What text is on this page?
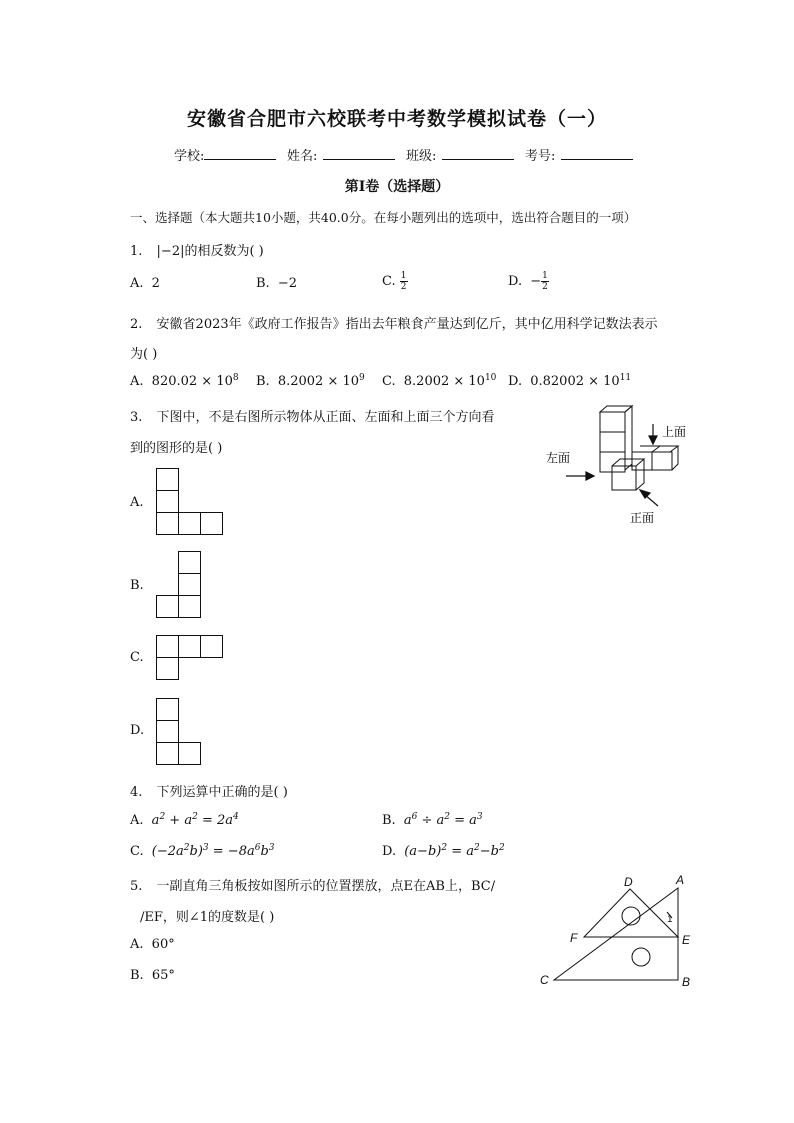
安徽省合肥市六校联考中考数学模拟试卷（一）
学校:	姓名:	班级:	考号:
第I卷（选择题）
一、选择题（本大题共10小题，共40.0分。在每小题列出的选项中，选出符合题目的一项）
1. |−2|的相反数为( )
A. 2	B. −2	C. $\frac{1}{2}$	D. − $\frac{1}{2}$
2. 安徽省2023年《政府工作报告》指出去年粮食产量达到亿斤，其中亿用科学记数法表示
为( )
A. $820.02 \times 10^8$ B. $8.2002 \times 10^9$ C. $8.2002 \times 10^{10}$ D. $0.82002 \times 10^{11}$
3. 下图中，不是右图所示物体从正面、左面和上面三个方向看
到的图形的是( )
上面
左面
正面
A.
B.
C.
D.
4. 下列运算中正确的是( )
A. $a^2 + a^2 = 2a^4$	B. $a^6 \div a^2 = a^3$
C. $(-2a^2b)^3 = -8a^6b^3$	D. $(a-b)^2 = a^2-b^2$
5. 一副直角三角板按如图所示的位置摆放，点E在AB上，BC/
/EF，则∠1的度数是( )
A. 60°
B. 65°
D	A
F	E
C	B
1
